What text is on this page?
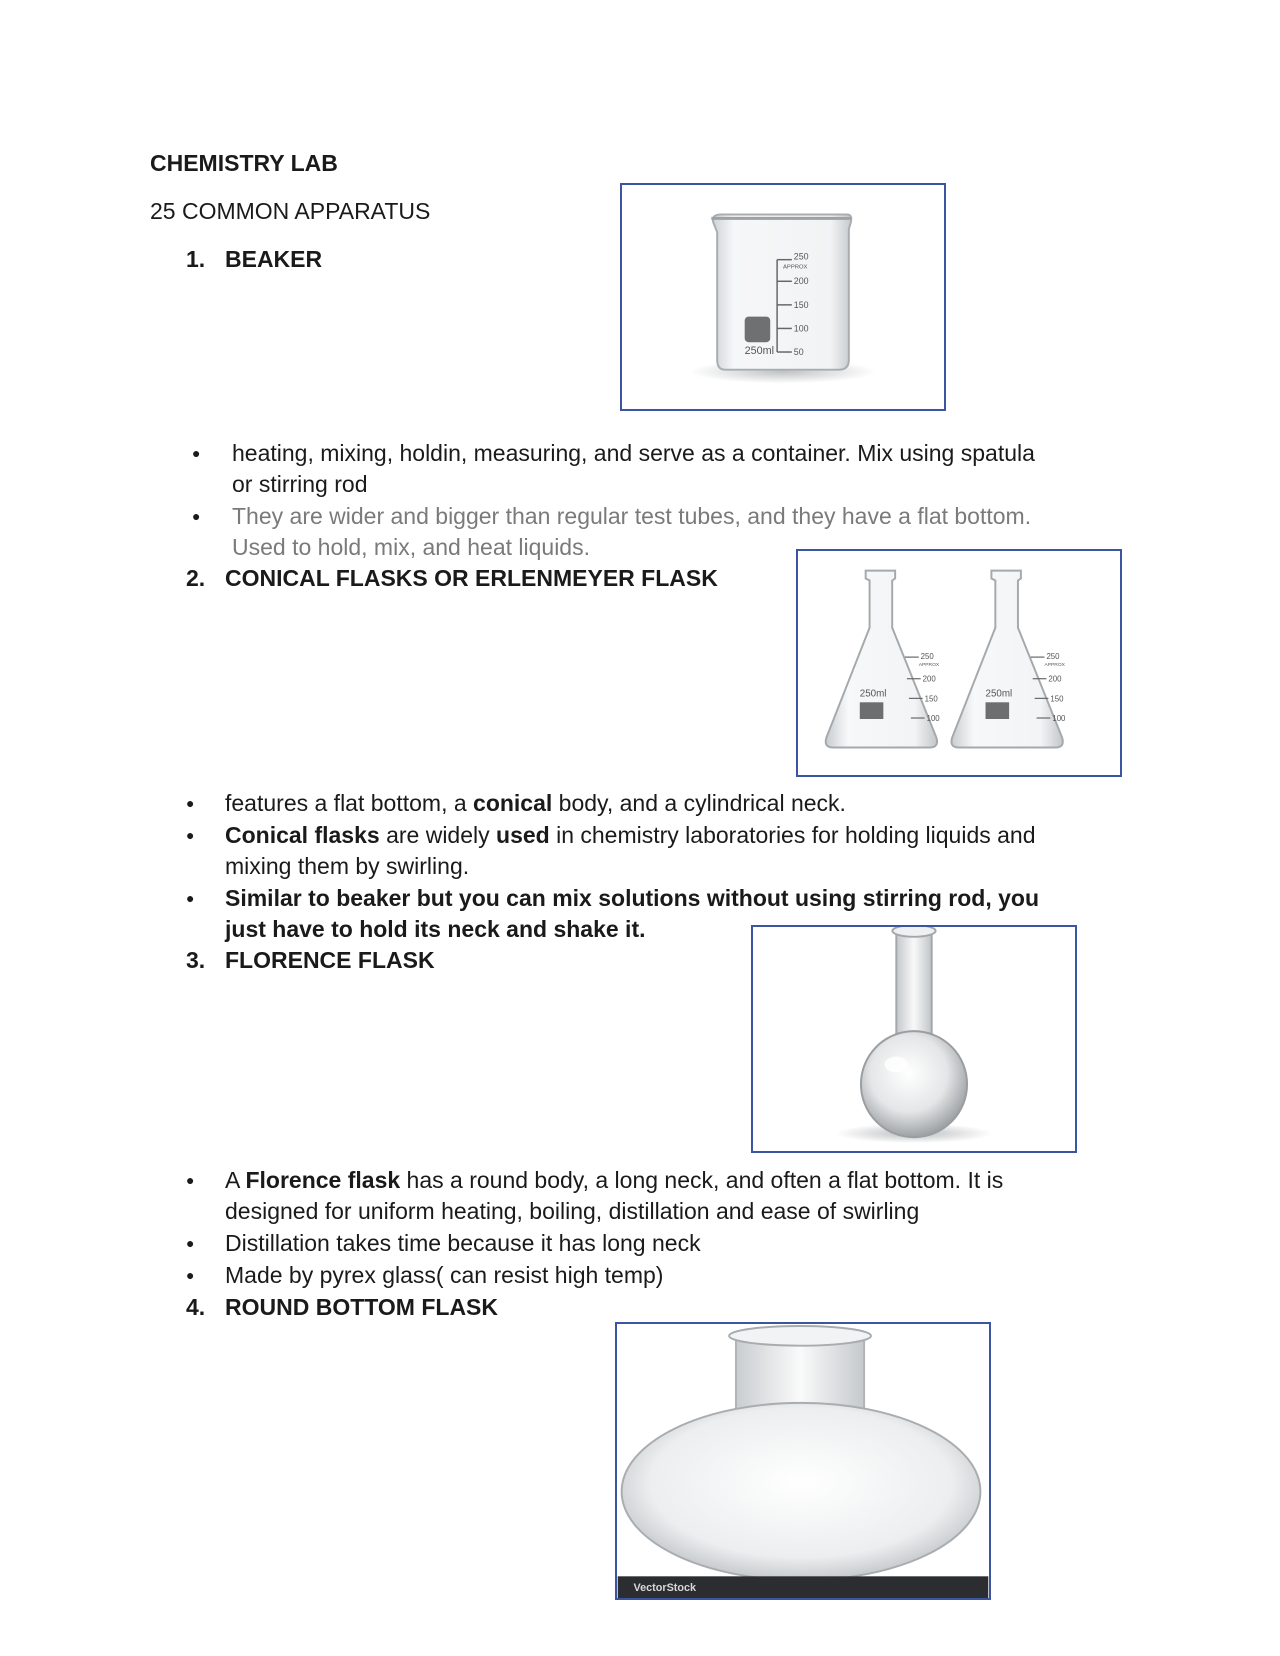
CHEMISTRY LAB
25 COMMON APPARATUS
1. BEAKER	250
APPROX
200
150
100
50
250ml
● heating, mixing, holdin, measuring, and serve as a container. Mix using spatula
or stirring rod
● They are wider and bigger than regular test tubes, and they have a flat bottom.
Used to hold, mix, and heat liquids.
2. CONICAL FLASKS OR ERLENMEYER FLASK
250
APPROX
200
150
100
250ml
250
APPROX
200
150
100
250ml
● features a flat bottom, a conical body, and a cylindrical neck.
● Conical flasks are widely used in chemistry laboratories for holding liquids and
mixing them by swirling.
● Similar to beaker but you can mix solutions without using stirring rod, you
just have to hold its neck and shake it.
3. FLORENCE FLASK
● A Florence flask has a round body, a long neck, and often a flat bottom. It is
designed for uniform heating, boiling, distillation and ease of swirling
● Distillation takes time because it has long neck
● Made by pyrex glass( can resist high temp)
4. ROUND BOTTOM FLASK
VectorStock
